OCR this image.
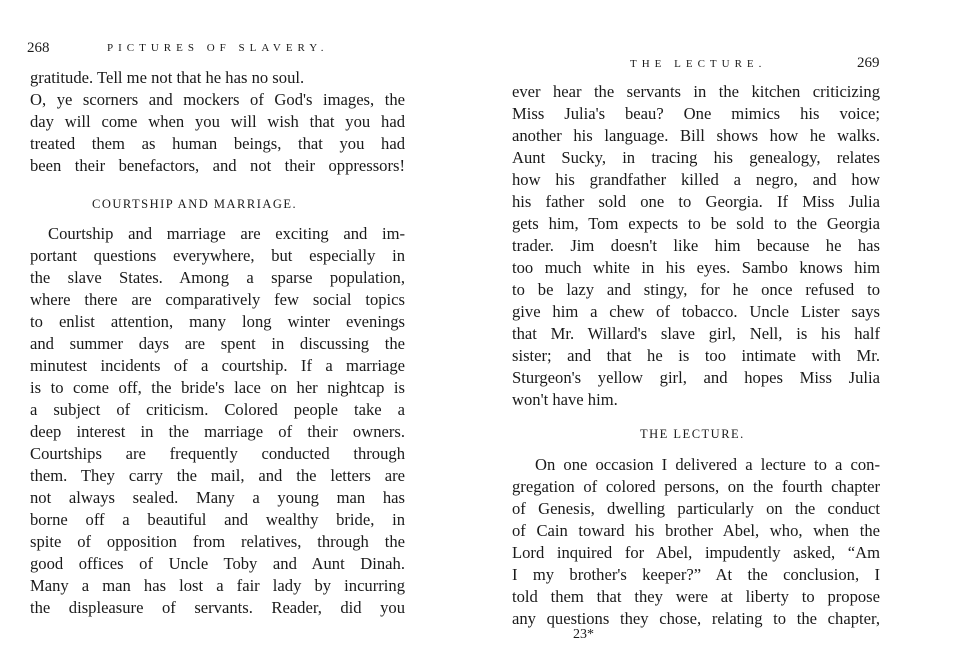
268	PICTURES OF SLAVERY.
gratitude. Tell me not that he has no soul.
O, ye scorners and mockers of God's images, the
day will come when you will wish that you had
treated them as human beings, that you had
been their benefactors, and not their oppressors!
COURTSHIP AND MARRIAGE.
Courtship and marriage are exciting and im-
portant questions everywhere, but especially in
the slave States. Among a sparse population,
where there are comparatively few social topics
to enlist attention, many long winter evenings
and summer days are spent in discussing the
minutest incidents of a courtship. If a marriage
is to come off, the bride's lace on her nightcap is
a subject of criticism. Colored people take a
deep interest in the marriage of their owners.
Courtships are frequently conducted through
them. They carry the mail, and the letters are
not always sealed. Many a young man has
borne off a beautiful and wealthy bride, in
spite of opposition from relatives, through the
good offices of Uncle Toby and Aunt Dinah.
Many a man has lost a fair lady by incurring
the displeasure of servants. Reader, did you
THE LECTURE.	269
ever hear the servants in the kitchen criticizing
Miss Julia's beau? One mimics his voice;
another his language. Bill shows how he walks.
Aunt Sucky, in tracing his genealogy, relates
how his grandfather killed a negro, and how
his father sold one to Georgia. If Miss Julia
gets him, Tom expects to be sold to the Georgia
trader. Jim doesn't like him because he has
too much white in his eyes. Sambo knows him
to be lazy and stingy, for he once refused to
give him a chew of tobacco. Uncle Lister says
that Mr. Willard's slave girl, Nell, is his half
sister; and that he is too intimate with Mr.
Sturgeon's yellow girl, and hopes Miss Julia
won't have him.
THE LECTURE.
On one occasion I delivered a lecture to a con-
gregation of colored persons, on the fourth chapter
of Genesis, dwelling particularly on the conduct
of Cain toward his brother Abel, who, when the
Lord inquired for Abel, impudently asked, “Am
I my brother's keeper?” At the conclusion, I
told them that they were at liberty to propose
any questions they chose, relating to the chapter,
23*
